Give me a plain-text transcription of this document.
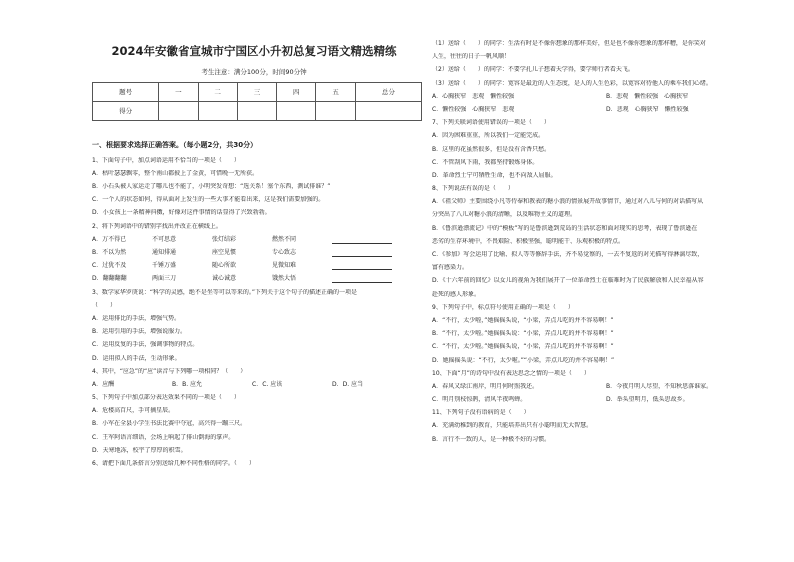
2024年安徽省宣城市宁国区小升初总复习语文精选精练
考生注意：满分100分，时间90分钟
题号	一	二	三	四	五	总分
得分						
一、根据要求选择正确答案。（每小题2分，共30分）
1、下面句子中，加点词语运用不恰当的一项是（　　）
A．枯叶瑟瑟飘零，整个南山都披上了金黄，可惜晚一无所获。
B．小石头被人家运走了哪儿也不能了，小明突发奇想：“选关系！塞个东西，测试排谁？”
C．一个人的状态如何，得从面对上发生的一些大事才能看出来，这是我们需要加强的。
D．小女孩上一条精神抖擞，好像对这件事情的话显得了兴致勃勃。
2、将下列词语中的错别字找出并改正在横线上。
A．万不得已	不可思意	张灯结彩	燃然不同
B．不以为然	通知排通	座空见惯	专心致志
C．过犹不及	千锤万盛	随心所欲	见微知难
D．翻翻翻翻	两面三刀	诚心诚意	饿然大悟
3、数学家华罗庚说：“科学的灵感，绝不是坐等可以等来的。”下列关于这个句子的描述正确的一项是
（　　）
A．运用排比的手法，增强气势。
B．运用引用的手法，增强说服力。
C．运用反复的手法，强调事物的特点。
D．运用拟人的手法，生动形象。
4、其中，“应急”的“应”读音与下列哪一项相同？（　　）
A．应酬	B．B. 应允	C．C. 应该	D．D. 应当
5、下列句子中加点部分表达效果不同的一项是（　　）
A．危楼高百尺，手可摘星辰。
B．小军在全县小学生书法比赛中夺冠，高兴得一蹦三尺。
C．王军阿语言细语，会场上响起了排山倒海的掌声。
D．天寒地冻，校宇了厚厚的积雪。
6、请把下面几条搭言分别送给几种不同性格的同学。（　　）
（1）送给（　　）的同学：生活有时是不像你想象的那样美好，但是也不像你想象的那样糟，是你笑对
人生，往往的日子一帆风顺！
（2）送给（　　）的同学：不要学扎儿子想着天学得，要学师行者看天飞。
（3）送给（　　）的同学：宽容是最近的人生态度，是人的人生色彩，以宽容对待他人的乘车我们心绪。
A．心胸狭窄　悲观　懒性较强	B．悲观　懒性较强　心胸狭窄
C．懒性较强　心胸狭窄　悲观	D．悲观　心胸狭窄　懒性较强
7、下列关联词语使用错误的一项是（　　）
A．因为困难重重，所以我们一定能完成。
B．这里的花虽然很多，但是没有含香只愁。
C．不管刮风下雨，我都坚持锻炼身体。
D．革命烈士宁可牺牲生命，也不向敌人屈服。
8、下列说法有误的是（　　）
A．《祖父师》主要围绕小凡等侍奉和教表的糖小浪的情景展开故事情节，通过对八儿与何的对话描写从
分突出了八儿对糖小浪的清晰，以及唯物主义的道理。
B．《鲁滨逊漂流记》中的“模板”写的是鲁滨逊到荒岛的生活状态和面对现实的思考，表现了鲁滨逊在
恶劣的生存环境中，不畏艰险、积极坚强，聪明能干、乐观积极的特点。
C．《参加》写会运用了比喻、拟人等等修辞手法，齐不易觉察的，一去不复返的对光描写得淋漓尽致，
富有感染力。
D．《十六年前的回忆》以女儿的视角为我们展开了一位革命烈士在临难时为了民族解放和人民幸福从容
赴死的感人形象。
9、下列句子中，标点符号使用正确的一项是（　　）
A．“不行，太少啦，”她摇摇头说，“小梁，弄点儿吃的并不容易啊！”
B．“不行，太少啦。”她摇摇头说：“小梁，弄点儿吃的并不容易啊！”
C．“不行，太少啦。”她摇摇头说，“小梁，弄点儿吃的并不容易啊！”
D．她摇摇头说：“不行，太少啦。”“小梁，弄点儿吃的并不容易啊！”
10、下面“月”的诗句中没有表达思念之情的一项是（　　）
A．春风又绿江南岸，明月何时照我还。	B．今夜月明人尽望，不知秋思落谁家。
C．明月别枝惊鹊，清风半夜鸣蝉。	D．举头望明月，低头思故乡。
11、下列句子没有语病的是（　　）
A．充满幼稚到的教育，只能培养出只有小聪明而无大智慧。
B．言行不一致的人，是一种极不好的习惯。
